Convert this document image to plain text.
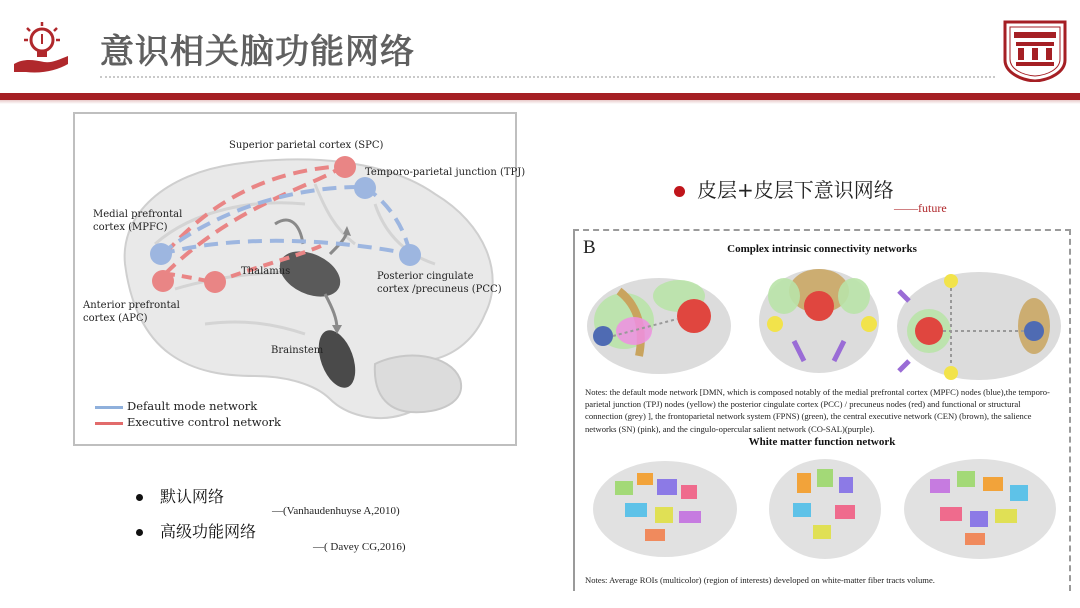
意识相关脑功能网络
Superior parietal cortex (SPC)
Temporo-parietal junction (TPJ)
Medial prefrontal
cortex (MPFC)
Thalamus	Posterior cingulate
cortex /precuneus (PCC)
Anterior prefrontal
cortex (APC)
Brainstem
Default mode network
Executive control network
默认网络
—(Vanhaudenhuyse A,2010)
高级功能网络
—( Davey CG,2016)
皮层+皮层下意识网络
——future
B	Complex intrinsic connectivity networks
Notes: the default mode network [DMN, which is composed notably of the medial prefrontal cortex (MPFC) nodes (blue),the temporo-parietal junction (TPJ) nodes (yellow) the posterior cingulate cortex (PCC) / precuneus nodes (red) and functional or structural connection (grey) ], the frontoparietal network system (FPNS) (green), the central executive network (CEN) (brown), the salience networks (SN) (pink), and the cingulo-opercular salient network (CO-SAL)(purple).
White matter function network
Notes: Average ROIs (multicolor) (region of interests) developed on white-matter fiber tracts volume.
